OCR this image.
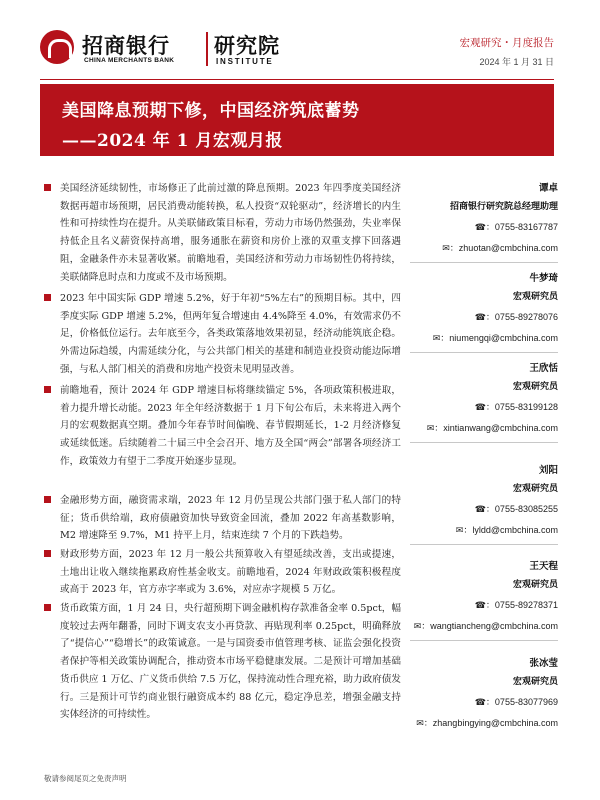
招商银行
CHINA MERCHANTS BANK
研究院
INSTITUTE
宏观研究・月度报告
2024 年 1 月 31 日
美国降息预期下修，中国经济筑底蓄势
——2024 年 1 月宏观月报
美国经济延续韧性，市场修正了此前过激的降息预期。2023 年四季度美国经济数据再超市场预期，居民消费动能转换，私人投资“双轮驱动”，经济增长的内生性和可持续性均在提升。从美联储政策目标看，劳动力市场仍然强劲，失业率保持低企且名义薪资保持高增，服务通胀在薪资和房价上涨的双重支撑下回落遇阻，金融条件亦未显著收紧。前瞻地看，美国经济和劳动力市场韧性仍将持续，美联储降息时点和力度或不及市场预期。
2023 年中国实际 GDP 增速 5.2%，好于年初“5%左右”的预期目标。其中，四季度实际 GDP 增速 5.2%，但两年复合增速由 4.4%降至 4.0%，有效需求仍不足，价格低位运行。去年底至今，各类政策落地效果初显，经济动能筑底企稳。外需边际趋缓，内需延续分化，与公共部门相关的基建和制造业投资动能边际增强，与私人部门相关的消费和房地产投资未见明显改善。
前瞻地看，预计 2024 年 GDP 增速目标将继续锚定 5%，各项政策积极进取，着力提升增长动能。2023 年全年经济数据于 1 月下旬公布后，未来将进入两个月的宏观数据真空期。叠加今年春节时间偏晚、春节假期延长，1-2 月经济修复或延续低迷。后续随着二十届三中全会召开、地方及全国“两会”部署各项经济工作，政策效力有望于二季度开始逐步显现。
金融形势方面，融资需求端，2023 年 12 月仍呈现公共部门强于私人部门的特征；货币供给端，政府债融资加快导致资金回流，叠加 2022 年高基数影响，M2 增速降至 9.7%，M1 持平上月，结束连续 7 个月的下跌趋势。
财政形势方面，2023 年 12 月一般公共预算收入有望延续改善，支出或提速，土地出让收入继续拖累政府性基金收支。前瞻地看，2024 年财政政策积极程度或高于 2023 年，官方赤字率或为 3.6%，对应赤字规模 5 万亿。
货币政策方面，1 月 24 日，央行超预期下调金融机构存款准备金率 0.5pct，幅度较过去两年翻番，同时下调支农支小再贷款、再贴现利率 0.25pct，明确释放了“提信心”“稳增长”的政策诚意。一是与国资委市值管理考核、证监会强化投资者保护等相关政策协调配合，推动资本市场平稳健康发展。二是预计可增加基础货币供应 1 万亿、广义货币供给 7.5 万亿，保持流动性合理充裕，助力政府债发行。三是预计可节约商业银行融资成本约 88 亿元，稳定净息差，增强金融支持实体经济的可持续性。
谭卓
招商银行研究院总经理助理
☎：0755-83167787
✉：zhuotan@cmbchina.com
牛梦琦
宏观研究员
☎：0755-89278076
✉：niumengqi@cmbchina.com
王欣恬
宏观研究员
☎：0755-83199128
✉：xintianwang@cmbchina.com
刘阳
宏观研究员
☎：0755-83085255
✉：lyldd@cmbchina.com
王天程
宏观研究员
☎：0755-89278371
✉：wangtiancheng@cmbchina.com
张冰莹
宏观研究员
☎：0755-83077969
✉：zhangbingying@cmbchina.com
敬请参阅尾页之免责声明
